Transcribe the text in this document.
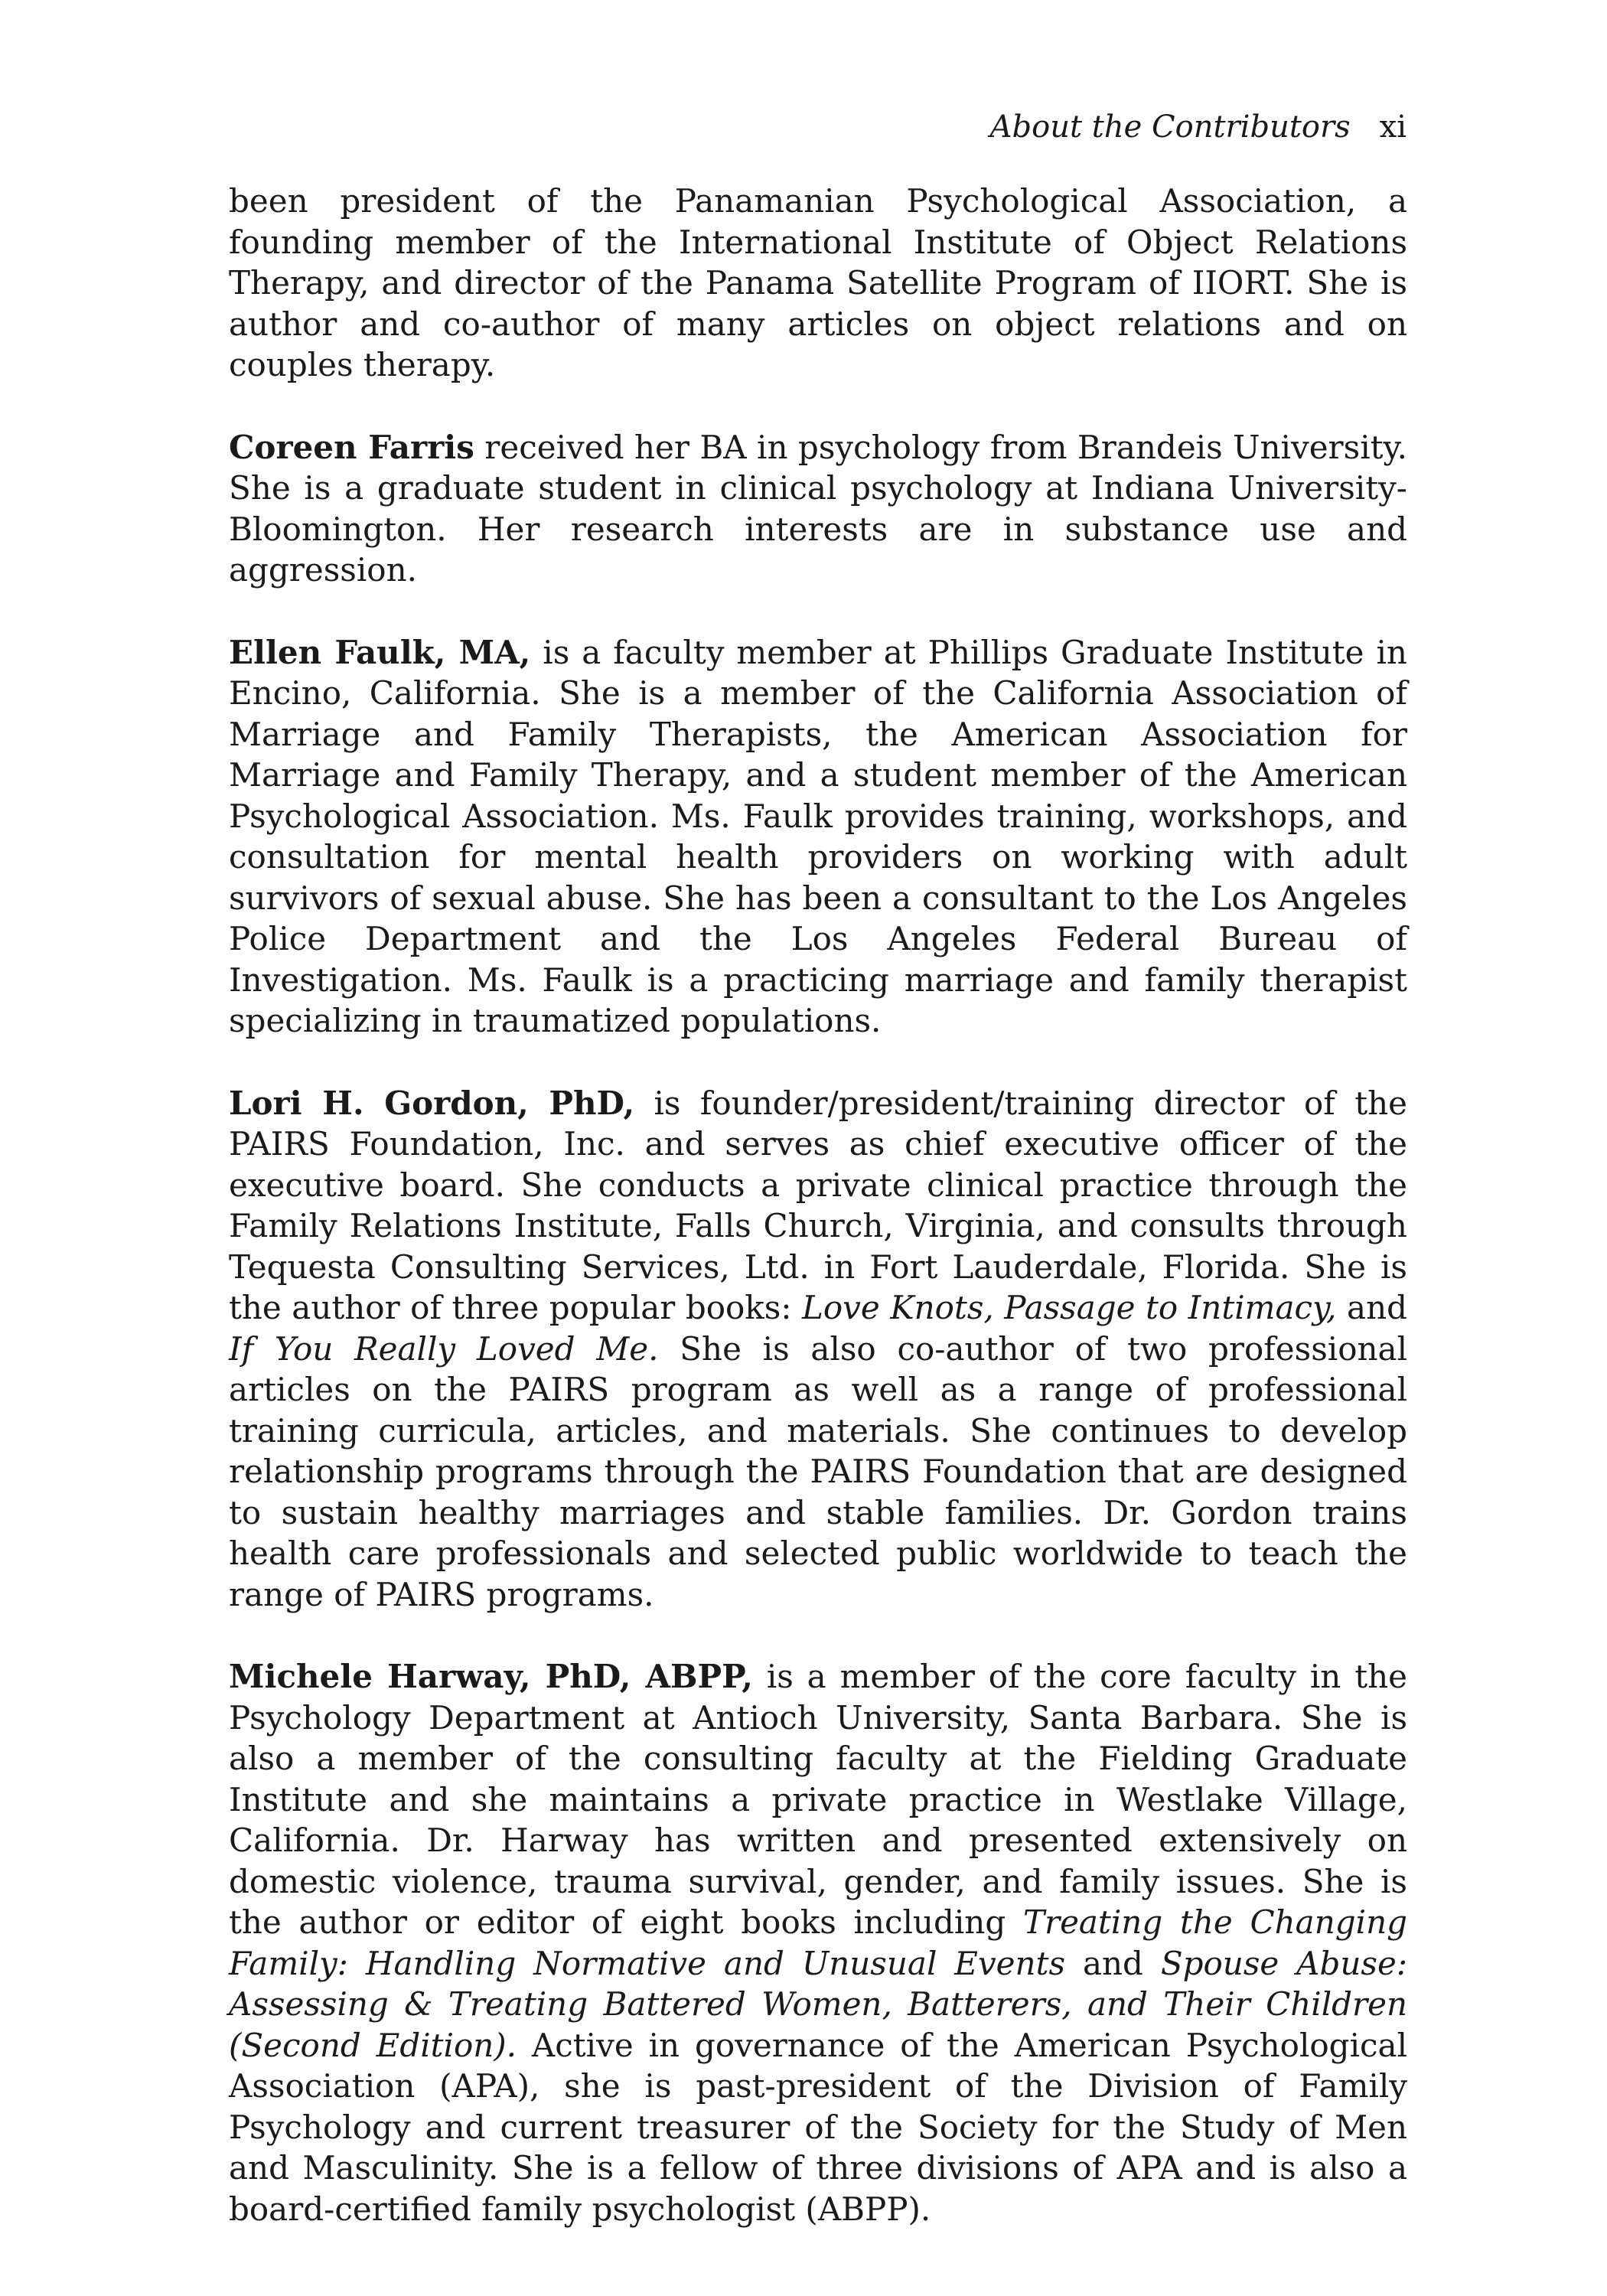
About the Contributors xi

been president of the Panamanian Psychological Association, a founding member of the International Institute of Object Relations Therapy, and director of the Panama Satellite Program of IIORT. She is author and co-author of many articles on object relations and on couples therapy.

Coreen Farris received her BA in psychology from Brandeis University. She is a graduate student in clinical psychology at Indiana University-Bloomington. Her research interests are in substance use and aggression.

Ellen Faulk, MA, is a faculty member at Phillips Graduate Institute in Encino, California. She is a member of the California Association of Marriage and Family Therapists, the American Association for Marriage and Family Therapy, and a student member of the American Psychological Association. Ms. Faulk provides training, workshops, and consultation for mental health providers on working with adult survivors of sexual abuse. She has been a consultant to the Los Angeles Police Department and the Los Angeles Federal Bureau of Investigation. Ms. Faulk is a practicing marriage and family therapist specializing in traumatized populations.

Lori H. Gordon, PhD, is founder/president/training director of the PAIRS Foundation, Inc. and serves as chief executive officer of the executive board. She conducts a private clinical practice through the Family Relations Institute, Falls Church, Virginia, and consults through Tequesta Consulting Services, Ltd. in Fort Lauderdale, Florida. She is the author of three popular books: Love Knots, Passage to Intimacy, and If You Really Loved Me. She is also co-author of two professional articles on the PAIRS program as well as a range of professional training curricula, articles, and materials. She continues to develop relationship programs through the PAIRS Foundation that are designed to sustain healthy marriages and stable families. Dr. Gordon trains health care professionals and selected public worldwide to teach the range of PAIRS programs.

Michele Harway, PhD, ABPP, is a member of the core faculty in the Psychology Department at Antioch University, Santa Barbara. She is also a member of the consulting faculty at the Fielding Graduate Institute and she maintains a private practice in Westlake Village, California. Dr. Harway has written and presented extensively on domestic violence, trauma survival, gender, and family issues. She is the author or editor of eight books including Treating the Changing Family: Handling Normative and Unusual Events and Spouse Abuse: Assessing & Treating Battered Women, Batterers, and Their Children (Second Edition). Active in governance of the American Psychological Association (APA), she is past-president of the Division of Family Psychology and current treasurer of the Society for the Study of Men and Masculinity. She is a fellow of three divisions of APA and is also a board-certified family psychologist (ABPP).
